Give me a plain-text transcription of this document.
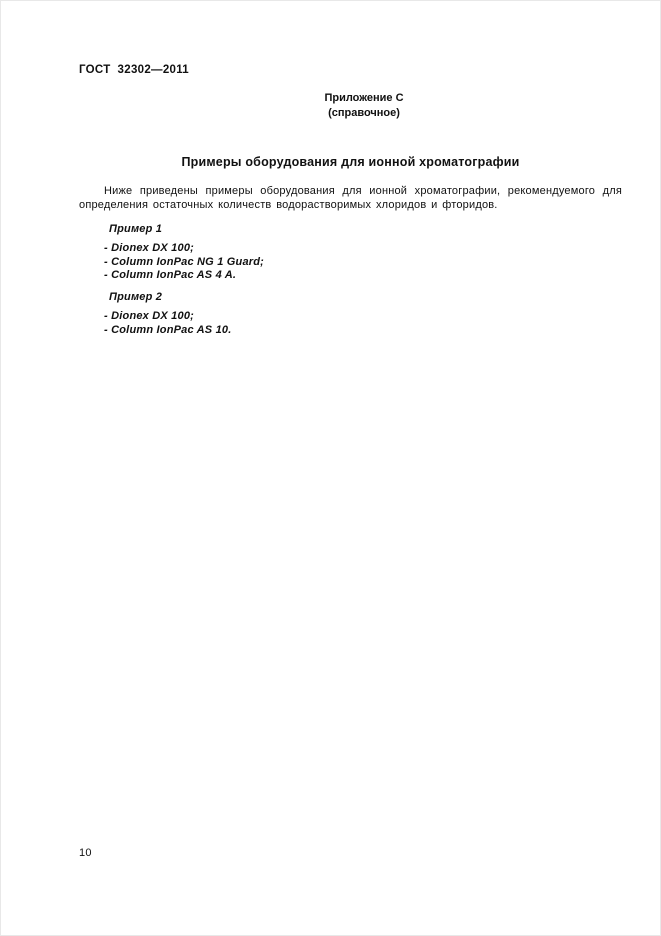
ГОСТ  32302—2011
Приложение С
(справочное)
Примеры оборудования для ионной хроматографии
Ниже приведены примеры оборудования для ионной хроматографии, рекомендуемого для определения остаточных количеств водорастворимых хлоридов и фторидов.
Пример 1
- Dionex DX 100;
- Column IonPac NG 1 Guard;
- Column IonPac AS 4 A.
Пример 2
- Dionex DX 100;
- Column IonPac AS 10.
10
